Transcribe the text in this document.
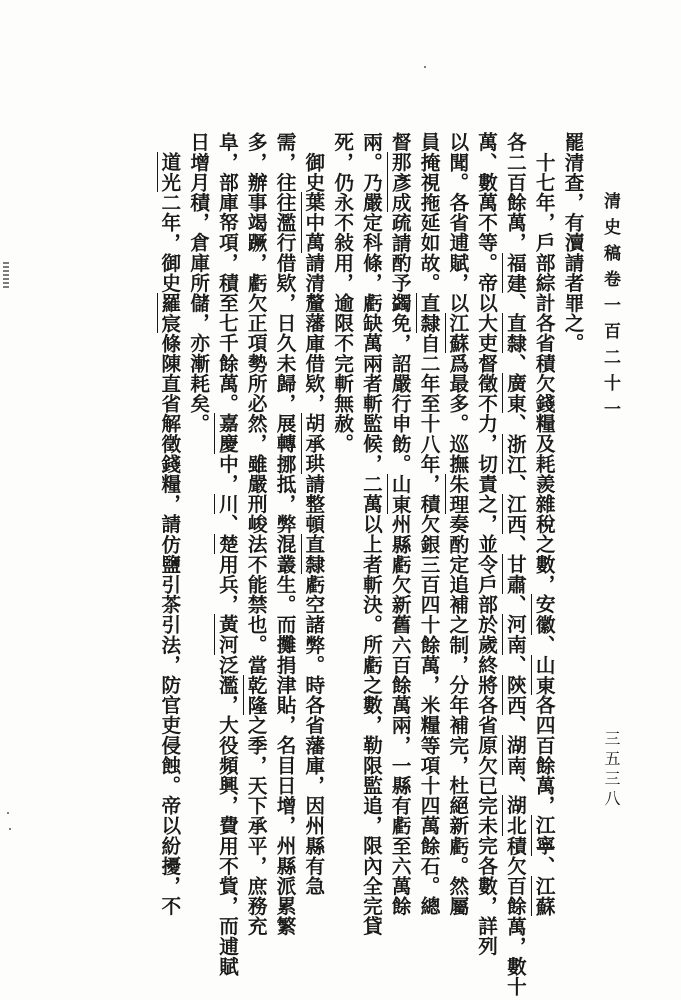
清史稿卷一百二十一
三五三八
罷清查，有瀆請者罪之。
　十七年，戶部綜計各省積欠錢糧及耗羨雜稅之數，安徽、山東各四百餘萬，江寧、江蘇
各二百餘萬，福建、直隸、廣東、浙江、江西、甘肅、河南、陝西、湖南、湖北積欠百餘萬，數十
萬、數萬不等。帝以大吏督徵不力，切責之，並令戶部於歲終將各省原欠已完未完各數，詳列
以聞。各省逋賦，以江蘇爲最多。巡撫朱理奏酌定追補之制，分年補完，杜絕新虧。然屬
員掩視拖延如故。直隸自二年至十八年，積欠銀三百四十餘萬，米糧等項十四萬餘石。總
督那彥成疏請酌予蠲免，詔嚴行申飭。山東州縣虧欠新舊六百餘萬兩，一縣有虧至六萬餘
兩。乃嚴定科條，虧缺萬兩者斬監候，二萬以上者斬決。所虧之數，勒限監追，限內全完貸
死，仍永不敍用，逾限不完斬無赦。
　御史葉中萬請清釐藩庫借欵，胡承珙請整頓直隸虧空諸弊。時各省藩庫，因州縣有急
需，往往濫行借欵，日久未歸，展轉挪抵，弊混叢生。而攤捐津貼，名目日增，州縣派累繁
多，辦事竭蹶，虧欠正項勢所必然，雖嚴刑峻法不能禁也。當乾隆之季，天下承平，庶務充
阜，部庫帑項，積至七千餘萬。嘉慶中，川、楚用兵，黃河泛濫，大役頻興，費用不貲，而逋賦
日增月積，倉庫所儲，亦漸耗矣。
　道光二年，御史羅宸條陳直省解徵錢糧，請仿鹽引茶引法，防官吏侵蝕。帝以紛擾，不
